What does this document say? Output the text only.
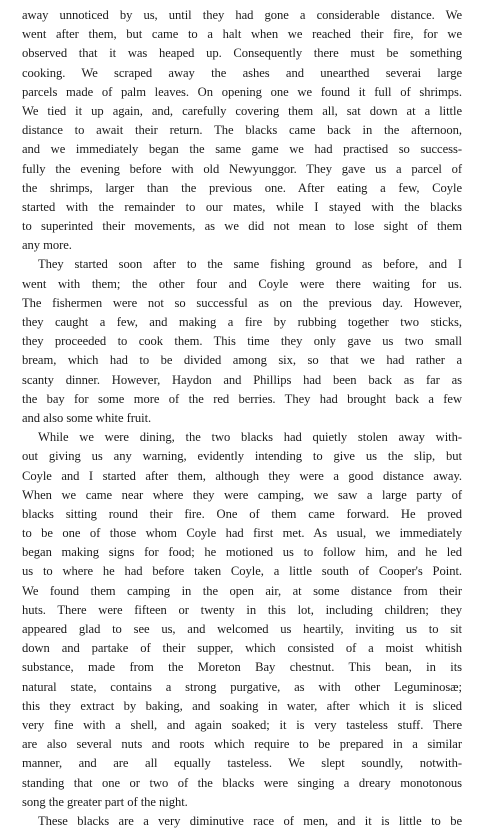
away unnoticed by us, until they had gone a considerable distance. We
went after them, but came to a halt when we reached their fire, for we
observed that it was heaped up. Consequently there must be something
cooking. We scraped away the ashes and unearthed severai large
parcels made of palm leaves. On opening one we found it full of shrimps.
We tied it up again, and, carefully covering them all, sat down at a little
distance to await their return. The blacks came back in the afternoon,
and we immediately began the same game we had practised so success-
fully the evening before with old Newyunggor. They gave us a parcel of
the shrimps, larger than the previous one. After eating a few, Coyle
started with the remainder to our mates, while I stayed with the blacks
to superinted their movements, as we did not mean to lose sight of them
any more.
They started soon after to the same fishing ground as before, and I
went with them; the other four and Coyle were there waiting for us.
The fishermen were not so successful as on the previous day. However,
they caught a few, and making a fire by rubbing together two sticks,
they proceeded to cook them. This time they only gave us two small
bream, which had to be divided among six, so that we had rather a
scanty dinner. However, Haydon and Phillips had been back as far as
the bay for some more of the red berries. They had brought back a few
and also some white fruit.
While we were dining, the two blacks had quietly stolen away with-
out giving us any warning, evidently intending to give us the slip, but
Coyle and I started after them, although they were a good distance away.
When we came near where they were camping, we saw a large party of
blacks sitting round their fire. One of them came forward. He proved
to be one of those whom Coyle had first met. As usual, we immediately
began making signs for food; he motioned us to follow him, and he led
us to where he had before taken Coyle, a little south of Cooper's Point.
We found them camping in the open air, at some distance from their
huts. There were fifteen or twenty in this lot, including children; they
appeared glad to see us, and welcomed us heartily, inviting us to sit
down and partake of their supper, which consisted of a moist whitish
substance, made from the Moreton Bay chestnut. This bean, in its
natural state, contains a strong purgative, as with other Leguminosæ;
this they extract by baking, and soaking in water, after which it is sliced
very fine with a shell, and again soaked; it is very tasteless stuff. There
are also several nuts and roots which require to be prepared in a similar
manner, and are all equally tasteless. We slept soundly, notwith-
standing that one or two of the blacks were singing a dreary monotonous
song the greater part of the night.
These blacks are a very diminutive race of men, and it is little to be
